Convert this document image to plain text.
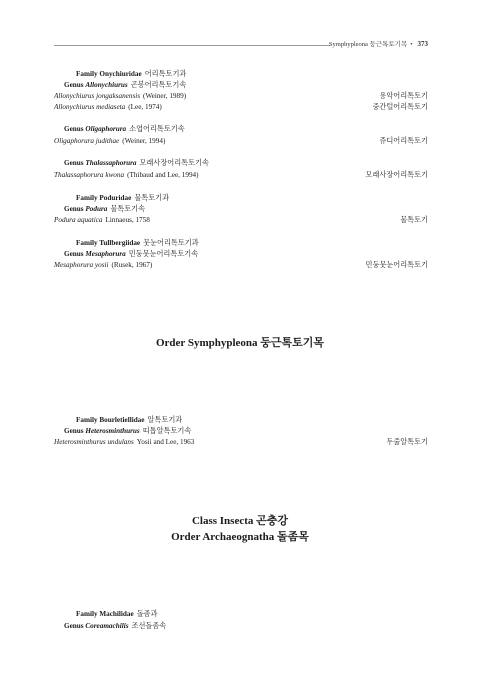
Symphypleona 둥근톡토기목 • 373
Family Onychiuridae 어리톡토기과
Genus Allonychiurus 곤봉어리톡토기속
Allonychiurus jongaksanensis (Weiner, 1989)	용악어리톡토기
Allonychiurus mediaseta (Lee, 1974)	중간털어리톡토기
Genus Oligaphorura 소엽어리톡토기속
Oligaphorura judithae (Weiner, 1994)	쥬디어리톡토기
Genus Thalassaphorura 모래사장어리톡토기속
Thalassaphorura kwona (Thibaud and Lee, 1994)	모래사장어리톡토기
Family Poduridae 물톡토기과
Genus Podura 물톡토기속
Podura aquatica Linnaeus, 1758	물톡토기
Family Tullbergiidae 뭇눈어리톡토기과
Genus Mesaphorura 민둥뭇눈어리톡토기속
Mesaphorura yosii (Rusek, 1967)	민둥뭇눈어리톡토기
Order Symphypleona 둥근톡토기목
Family Bourletiellidae 알톡토기과
Genus Heterosminthurus 띠톱알톡토기속
Heterosminthurus undulans Yosii and Lee, 1963	두줄알톡토기
Class Insecta 곤충강
Order Archaeognatha 돌좀목
Family Machilidae 돌좀과
Genus Coreamachilis 조선돌좀속
